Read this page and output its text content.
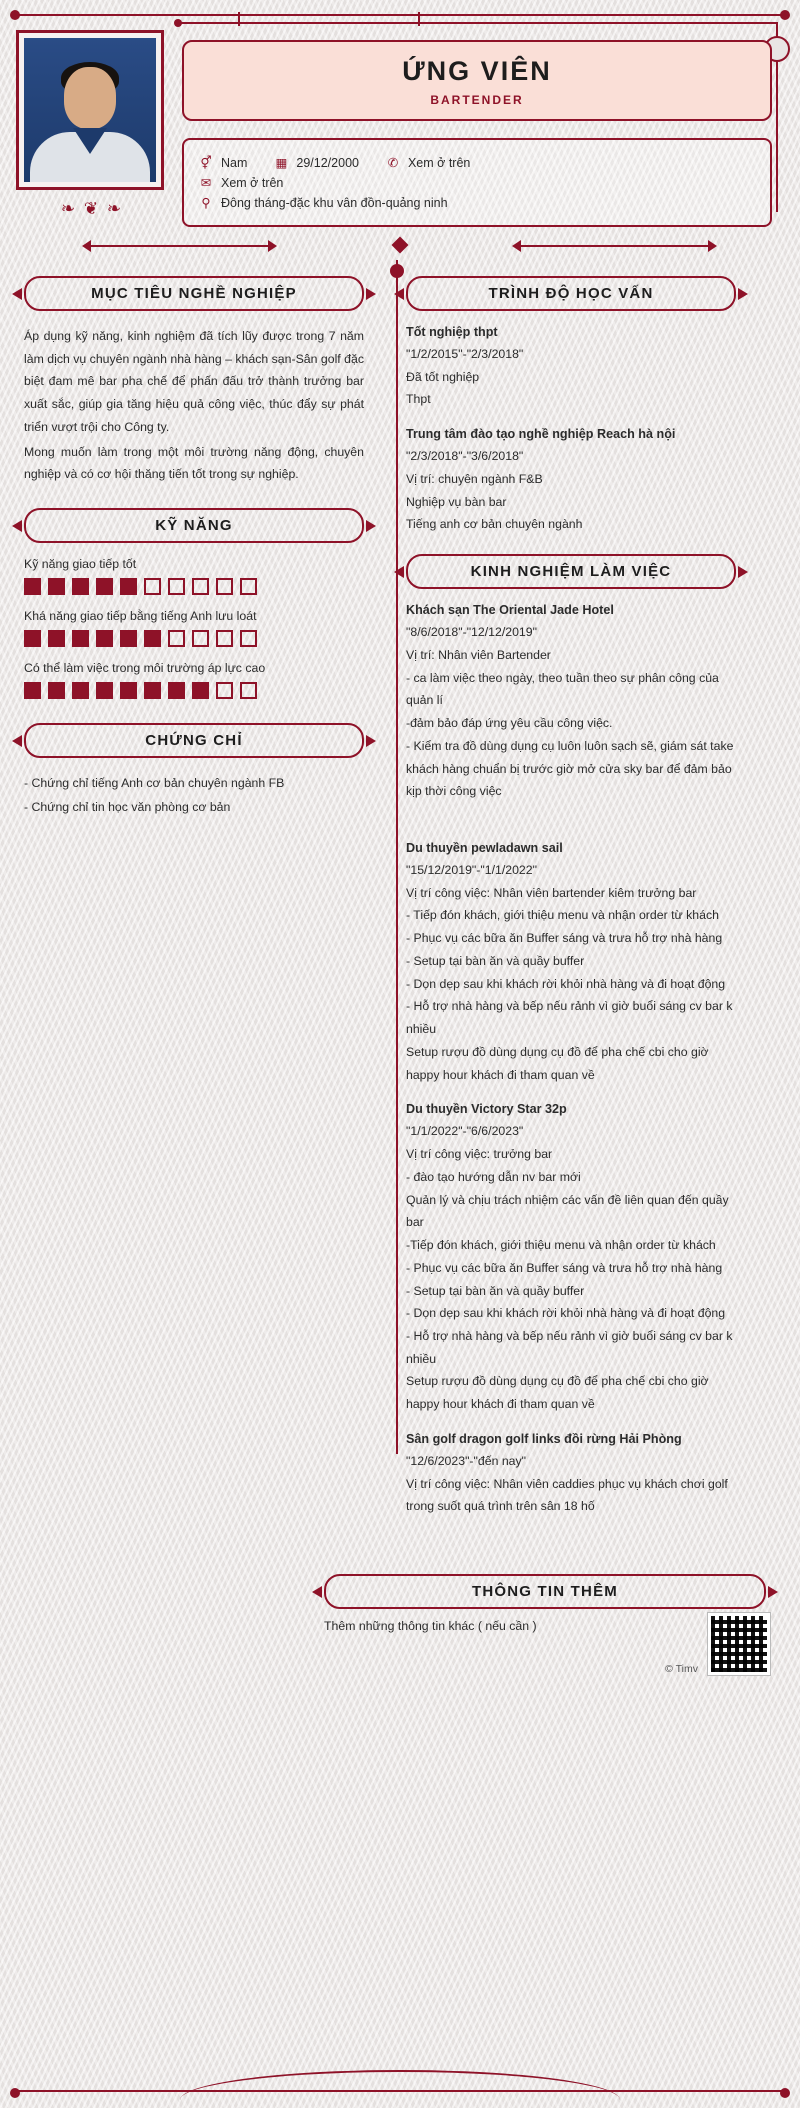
❧ ❦ ❧
ỨNG VIÊN
BARTENDER
⚥ Nam ▦ 29/12/2000 ✆ Xem ở trên
✉ Xem ở trên
⚲ Đông tháng-đặc khu vân đồn-quảng ninh
MỤC TIÊU NGHỀ NGHIỆP
Áp dụng kỹ năng, kinh nghiệm đã tích lũy được trong 7 năm làm dịch vụ chuyên ngành nhà hàng – khách sạn-Sân golf đặc biệt đam mê bar pha chế để phấn đấu trở thành trưởng bar xuất sắc, giúp gia tăng hiệu quả công việc, thúc đẩy sự phát triển vượt trội cho Công ty.
Mong muốn làm trong một môi trường năng động, chuyên nghiệp và có cơ hội thăng tiến tốt trong sự nghiệp.
KỸ NĂNG
Kỹ năng giao tiếp tốt
Khá năng giao tiếp bằng tiếng Anh lưu loát
Có thể làm việc trong môi trường áp lực cao
CHỨNG CHỈ
- Chứng chỉ tiếng Anh cơ bản chuyên ngành FB
- Chứng chỉ tin học văn phòng cơ bản
TRÌNH ĐỘ HỌC VẤN
Tốt nghiệp thpt
"1/2/2015"-"2/3/2018"
Đã tốt nghiệp
Thpt
Trung tâm đào tạo nghề nghiệp Reach hà nội
"2/3/2018"-"3/6/2018"
Vị trí: chuyên ngành F&B
Nghiệp vụ bàn bar
Tiếng anh cơ bản chuyên ngành
KINH NGHIỆM LÀM VIỆC
Khách sạn The Oriental Jade Hotel
"8/6/2018"-"12/12/2019"
Vị trí: Nhân viên Bartender
- ca làm việc theo ngày, theo tuần theo sự phân công của quản lí
-đảm bảo đáp ứng yêu cầu công việc.
- Kiểm tra đồ dùng dụng cụ luôn luôn sạch sẽ, giám sát take khách hàng chuẩn bị trước giờ mở cửa sky bar để đảm bảo kịp thời công việc
Du thuyền pewladawn sail
"15/12/2019"-"1/1/2022"
Vị trí công việc: Nhân viên bartender kiêm trưởng bar
- Tiếp đón khách, giới thiệu menu và nhận order từ khách
- Phục vụ các bữa ăn Buffer sáng và trưa hỗ trợ nhà hàng
- Setup tại bàn ăn và quầy buffer
- Dọn dẹp sau khi khách rời khỏi nhà hàng và đi hoạt động
- Hỗ trợ nhà hàng và bếp nếu rảnh vì giờ buổi sáng cv bar k nhiều
Setup rượu đồ dùng dụng cụ đồ để pha chế cbi cho giờ happy hour khách đi tham quan về
Du thuyền Victory Star 32p
"1/1/2022"-"6/6/2023"
Vị trí công việc: trưởng bar
- đào tạo hướng dẫn nv bar mới
Quản lý và chịu trách nhiệm các vấn đề liên quan đến quầy bar
-Tiếp đón khách, giới thiệu menu và nhận order từ khách
- Phục vụ các bữa ăn Buffer sáng và trưa hỗ trợ nhà hàng
- Setup tại bàn ăn và quầy buffer
- Dọn dẹp sau khi khách rời khỏi nhà hàng và đi hoạt động
- Hỗ trợ nhà hàng và bếp nếu rảnh vì giờ buổi sáng cv bar k nhiều
Setup rượu đồ dùng dụng cụ đồ để pha chế cbi cho giờ happy hour khách đi tham quan về
Sân golf dragon golf links đồi rừng Hải Phòng
"12/6/2023"-"đến nay"
Vị trí công việc: Nhân viên caddies phục vụ khách chơi golf trong suốt quá trình trên sân 18 hố
THÔNG TIN THÊM
Thêm những thông tin khác ( nếu cần )
© Timv
